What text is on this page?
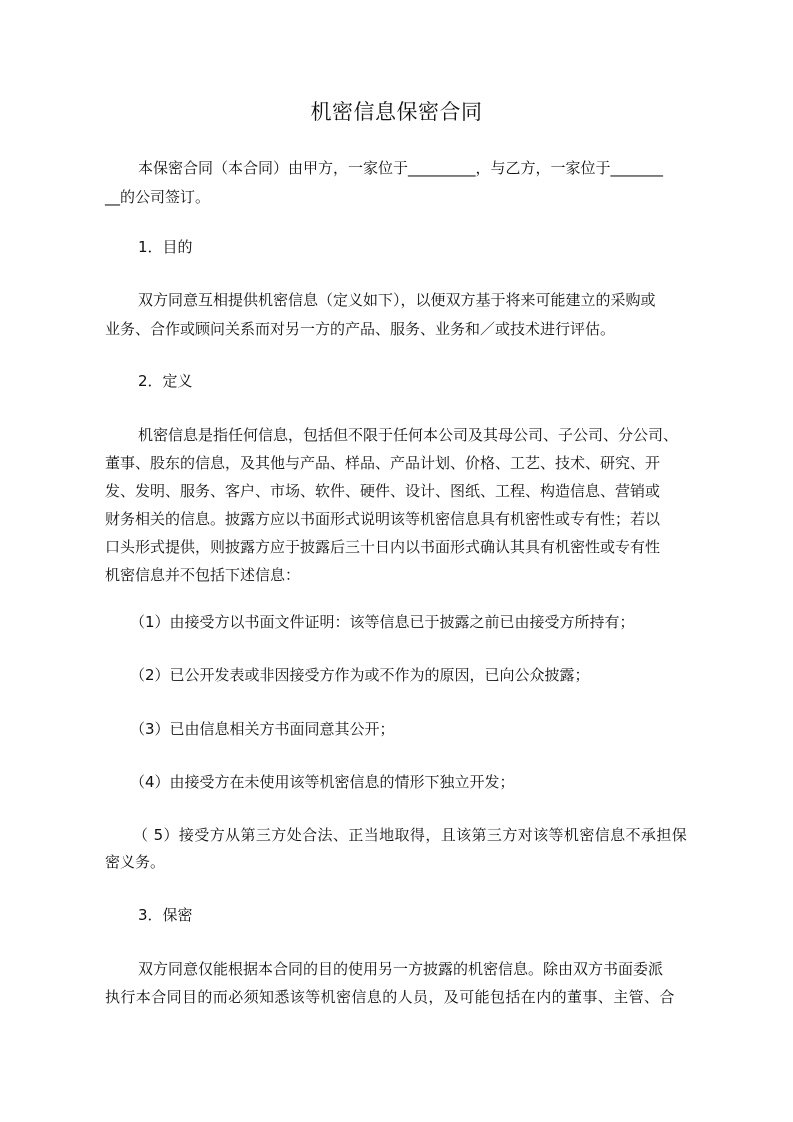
机密信息保密合同

本保密合同（本合同）由甲方，一家位于_________，与乙方，一家位于_______

__的公司签订。

1．目的

双方同意互相提供机密信息（定义如下），以便双方基于将来可能建立的采购或

业务、合作或顾问关系而对另一方的产品、服务、业务和／或技术进行评估。

2．定义

机密信息是指任何信息，包括但不限于任何本公司及其母公司、子公司、分公司、

董事、股东的信息，及其他与产品、样品、产品计划、价格、工艺、技术、研究、开

发、发明、服务、客户、市场、软件、硬件、设计、图纸、工程、构造信息、营销或

财务相关的信息。披露方应以书面形式说明该等机密信息具有机密性或专有性；若以

口头形式提供，则披露方应于披露后三十日内以书面形式确认其具有机密性或专有性

机密信息并不包括下述信息：

（1）由接受方以书面文件证明：该等信息已于披露之前已由接受方所持有；

（2）已公开发表或非因接受方作为或不作为的原因，已向公众披露；

（3）已由信息相关方书面同意其公开；

（4）由接受方在未使用该等机密信息的情形下独立开发；

（ 5）接受方从第三方处合法、正当地取得，且该第三方对该等机密信息不承担保

密义务。

3．保密

双方同意仅能根据本合同的目的使用另一方披露的机密信息。除由双方书面委派

执行本合同目的而必须知悉该等机密信息的人员，及可能包括在内的董事、主管、合
